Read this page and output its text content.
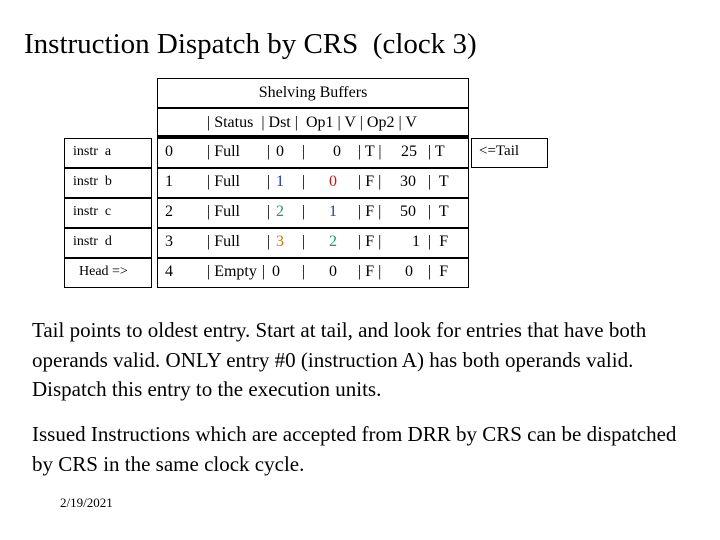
Instruction Dispatch by CRS  (clock 3)
Shelving Buffers
| Status  | Dst |  Op1 | V | Op2 | V
instr  a	0 | Full | 0 | 0 | T | 25 | T
instr  b	1 | Full | 1 | 0 | F | 30 |  T
instr  c	2 | Full | 2 | 1 | F | 50 |  T
instr  d	3 | Full | 3 | 2 | F | 1 |  F
Head =>	4 | Empty | 0 | 0 | F | 0 |  F
<=Tail
Tail points to oldest entry. Start at tail, and look for entries that have both operands valid. ONLY entry #0 (instruction A) has both operands valid. Dispatch this entry to the execution units.
Issued Instructions which are accepted from DRR by CRS can be dispatched by CRS in the same clock cycle.
2/19/2021
